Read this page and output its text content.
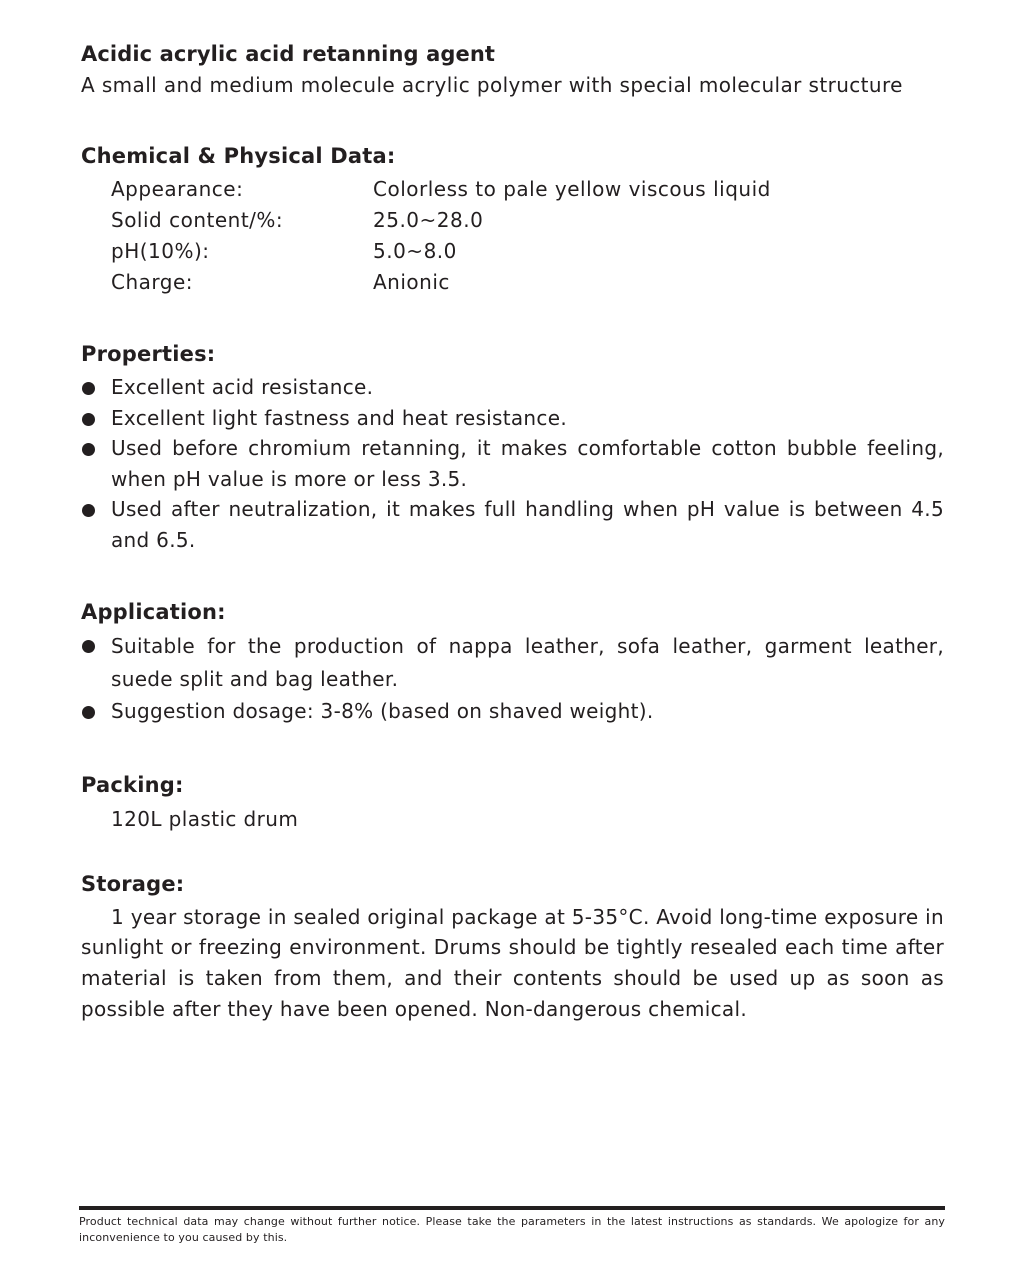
Acidic acrylic acid retanning agent
A small and medium molecule acrylic polymer with special molecular structure
Chemical & Physical Data:
Appearance:	Colorless to pale yellow viscous liquid
Solid content/%:	25.0~28.0
pH(10%):	5.0~8.0
Charge:	Anionic
Properties:
Excellent acid resistance.
Excellent light fastness and heat resistance.
Used before chromium retanning, it makes comfortable cotton bubble feeling, when pH value is more or less 3.5.
Used after neutralization, it makes full handling when pH value is between 4.5 and 6.5.
Application:
Suitable for the production of nappa leather, sofa leather, garment leather, suede split and bag leather.
Suggestion dosage: 3-8% (based on shaved weight).
Packing:
120L plastic drum
Storage:
1 year storage in sealed original package at 5-35°C. Avoid long-time exposure in sunlight or freezing environment. Drums should be tightly resealed each time after material is taken from them, and their contents should be used up as soon as possible after they have been opened. Non-dangerous chemical.
Product technical data may change without further notice. Please take the parameters in the latest instructions as standards. We apologize for any inconvenience to you caused by this.
